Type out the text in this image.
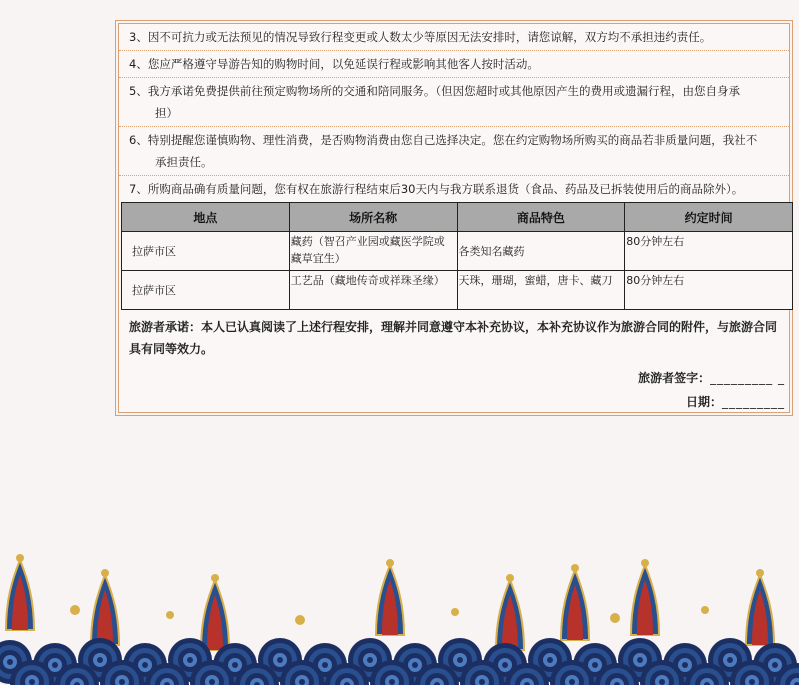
3、因不可抗力或无法预见的情况导致行程变更或人数太少等原因无法安排时，请您谅解，双方均不承担违约责任。
4、您应严格遵守导游告知的购物时间，以免延误行程或影响其他客人按时活动。
5、我方承诺免费提供前往预定购物场所的交通和陪同服务。（但因您超时或其他原因产生的费用或遗漏行程，由您自身承
担）
6、特别提醒您谨慎购物、理性消费，是否购物消费由您自己选择决定。您在约定购物场所购买的商品若非质量问题，我社不
承担责任。
7、所购商品确有质量问题，您有权在旅游行程结束后30天内与我方联系退货（食品、药品及已拆装使用后的商品除外）。
地点	场所名称	商品特色	约定时间
拉萨市区	藏药（智召产业园或藏医学院或藏草宜生）	各类知名藏药	80分钟左右
拉萨市区	工艺品（藏地传奇或祥珠圣缘）	天珠，珊瑚，蜜蜡，唐卡、藏刀	80分钟左右
旅游者承诺：本人已认真阅读了上述行程安排，理解并同意遵守本补充协议，本补充协议作为旅游合同的附件，与旅游合同具有同等效力。
旅游者签字：_________ _
日期：_________
